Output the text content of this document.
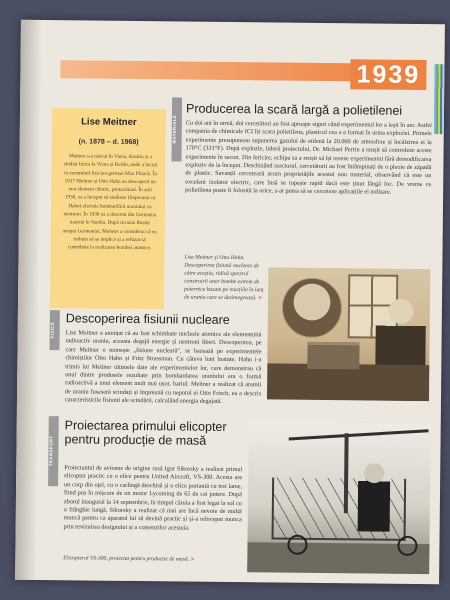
1939
Lise Meitner
(n. 1878 – d. 1968)
Meitner s-a născut în Viena, Austria și a studiat fizica la Viena și Berlin, unde a lucrat cu renumitul fizician german Max Planck. În 1917 Meitner și Otto Hahn au descoperit un nou element chimic, protactiniul. În anii 1930, ea a început să studieze (împreună cu Hahn) efectele bombardării uraniului cu neutroni. În 1938 ea a dezertat din Germania nazistă în Suedia. După invazia Rusiei asupra Germaniei, Meitner a considerat că ea trebuie să se implice și a refuzat să contribuie la realizarea bombei atomice.
MATERIALE
Producerea la scară largă a polietilenei
Cu doi ani în urmă, doi cercetători au fost aproape siguri când experimentul lor a ieșit în aer. Astfel compania de chimicale ICI își scara polietilena, plasticul cea s-a format în urma exploziei. Primele experimente presupuneau supunerea gazului de etilenă la 20.000 de atmosfere și încălzirea ei la 170°C (331°F). După explozie, liderii proiectului, Dr. Michael Perrin a reușit să controleze aceste experimente în secret. Din fericire, echipa sa a reușit să își reseze experimentul fără demodificarea exploziv de la început. Deschizând reactorul, cercetătorii au fost întâmpinați de o pleoie de zăpadă de plastic. Savanții cercetează acum proprietățile acestui nou material, observând că este un excelent izolator electric, care însă se topește rapid dacă este ținut lângă foc. De vreme ce polietilena poate fi folosită la orice, s-ar putea să se cerceteze aplicațiile ei militare.
Lise Meitner și Otto Hahn. Descoperirea fisiunii nucleare de către aceștia, ridică spectrul construirii unor bombe extrem de puternice bazate pe reacțiile în lanț de uraniu care se dezintegrează. ➤
FIZICĂ
Descoperirea fisiunii nucleare
Lise Meitner a anunțat că au fost schimbate nucleele atomice ale elementului radioactiv uraniu, aceasta degajă energie și neutroni liberi. Descoperirea, pe care Meitner o numește „fisiune nucleară", se bazează pe experimentele chimiștilor Otto Hahn și Fritz Strassman. Cu câteva luni înainte, Hahn i-a trimis lui Meitner ultimele date ale experimentelor lor, care demonstrau că unul dintre produsele rezultate prin bombardarea uraniului era o formă radioactivă a unui element mult mai ușor, bariul. Meitner a realizat că atomii de uraniu fuseseră scindați și împreună cu nepotul ei Otto Frisch, ea a descris caracteristicile fisiunii ale scindării, calculând energia degajată.
TRANSPORT
Proiectarea primului elicopter pentru producție de masă
Proiectantul de avioane de origine rusă Igor Sikorsky a realizat primul elicopter practic cu o elice pentru United Aircraft, VS-300. Acesta are un corp din oțel, cu o carlingă deschisă și o elice portantă cu trei lame, fiind pus în mișcare de un motor Lycoming de 65 de cai putere. După zborul inaugural la 14 septembrie, în timpul căruia a fost legat la sol cu o frânghie lungă, Sikorsky a realizat că mai are încă nevoie de multă muncă pentru ca aparatul lui să devină practic și și-a reînceput munca prin revizuirea designului și a comenzilor acestuia.
Elicopterul VS-300, proiectat pentru producție de masă. ➤
